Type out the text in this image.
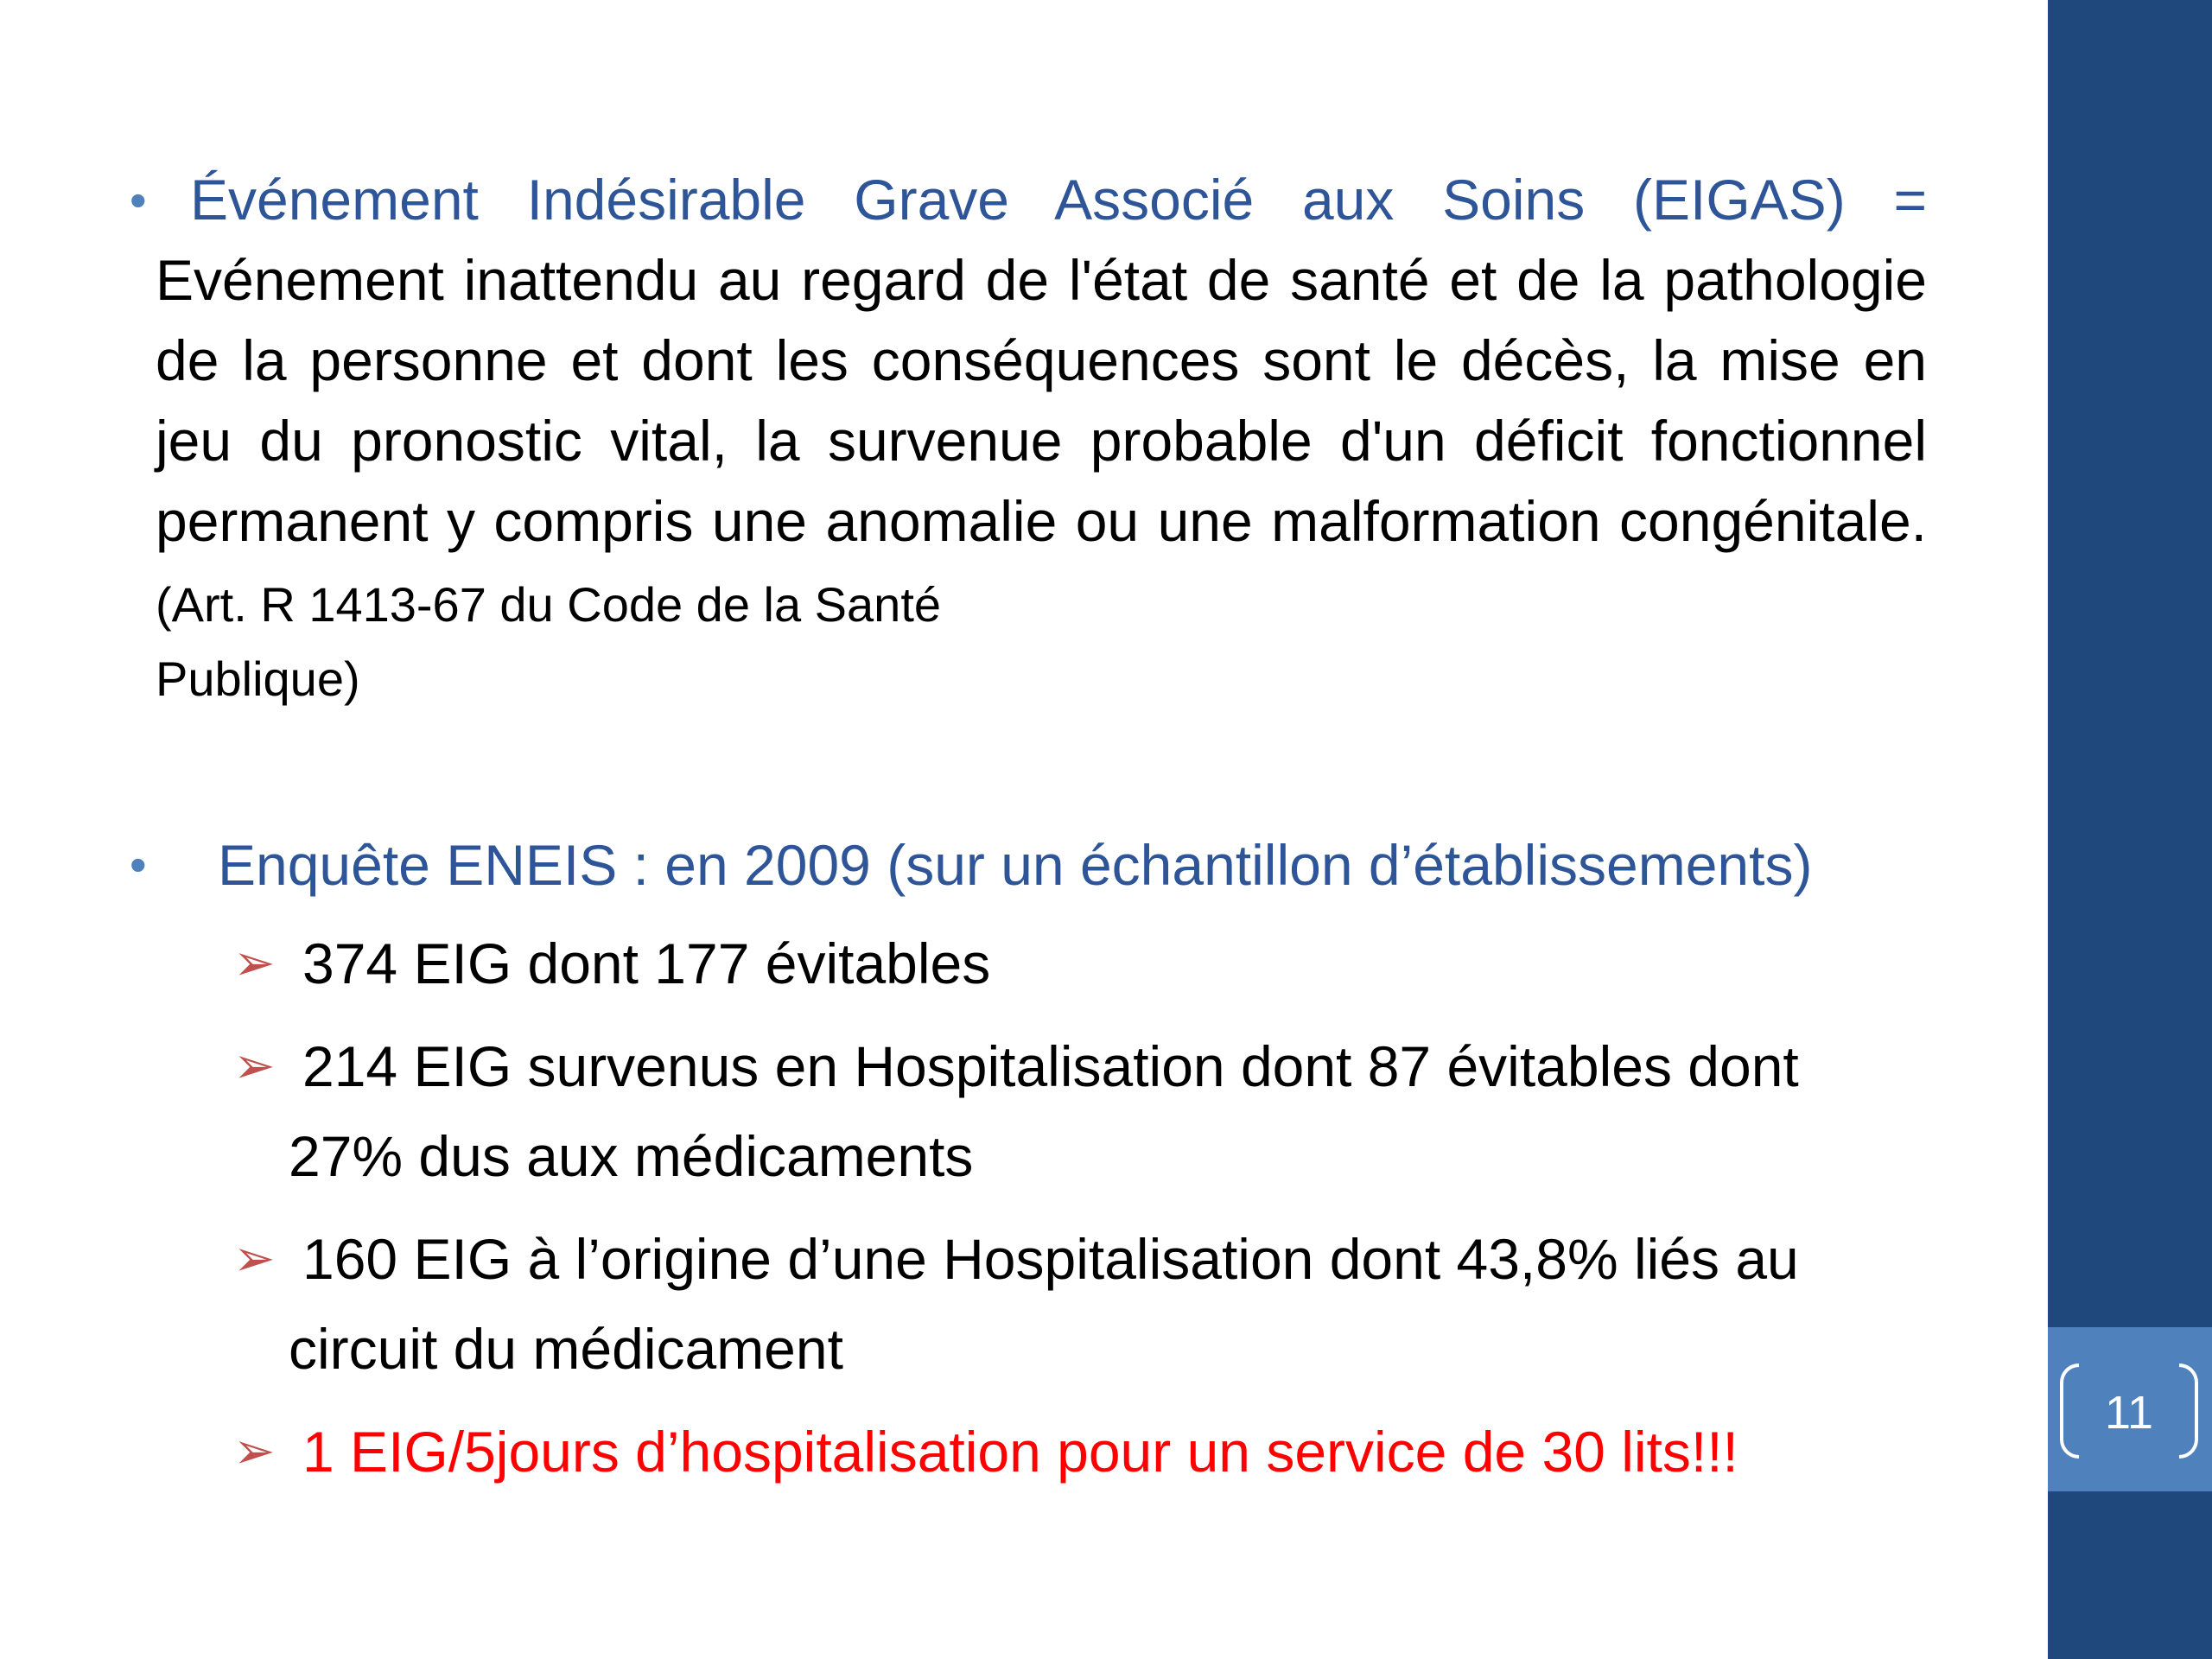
11
• Événement Indésirable Grave Associé aux Soins (EIGAS) = Evénement inattendu au regard de l'état de santé et de la pathologie de la personne et dont les conséquences sont le décès, la mise en jeu du pronostic vital, la survenue probable d'un déficit fonctionnel permanent y compris une anomalie ou une malformation congénitale. (Art. R 1413-67 du Code de la Santé
Publique)
• Enquête ENEIS : en 2009 (sur un échantillon d’établissements)
➢ 374 EIG dont 177 évitables
➢ 214 EIG survenus en Hospitalisation dont 87 évitables dont
27% dus aux médicaments
➢ 160 EIG à l’origine d’une Hospitalisation dont 43,8% liés au
circuit du médicament
➢ 1 EIG/5jours d’hospitalisation pour un service de 30 lits!!!
